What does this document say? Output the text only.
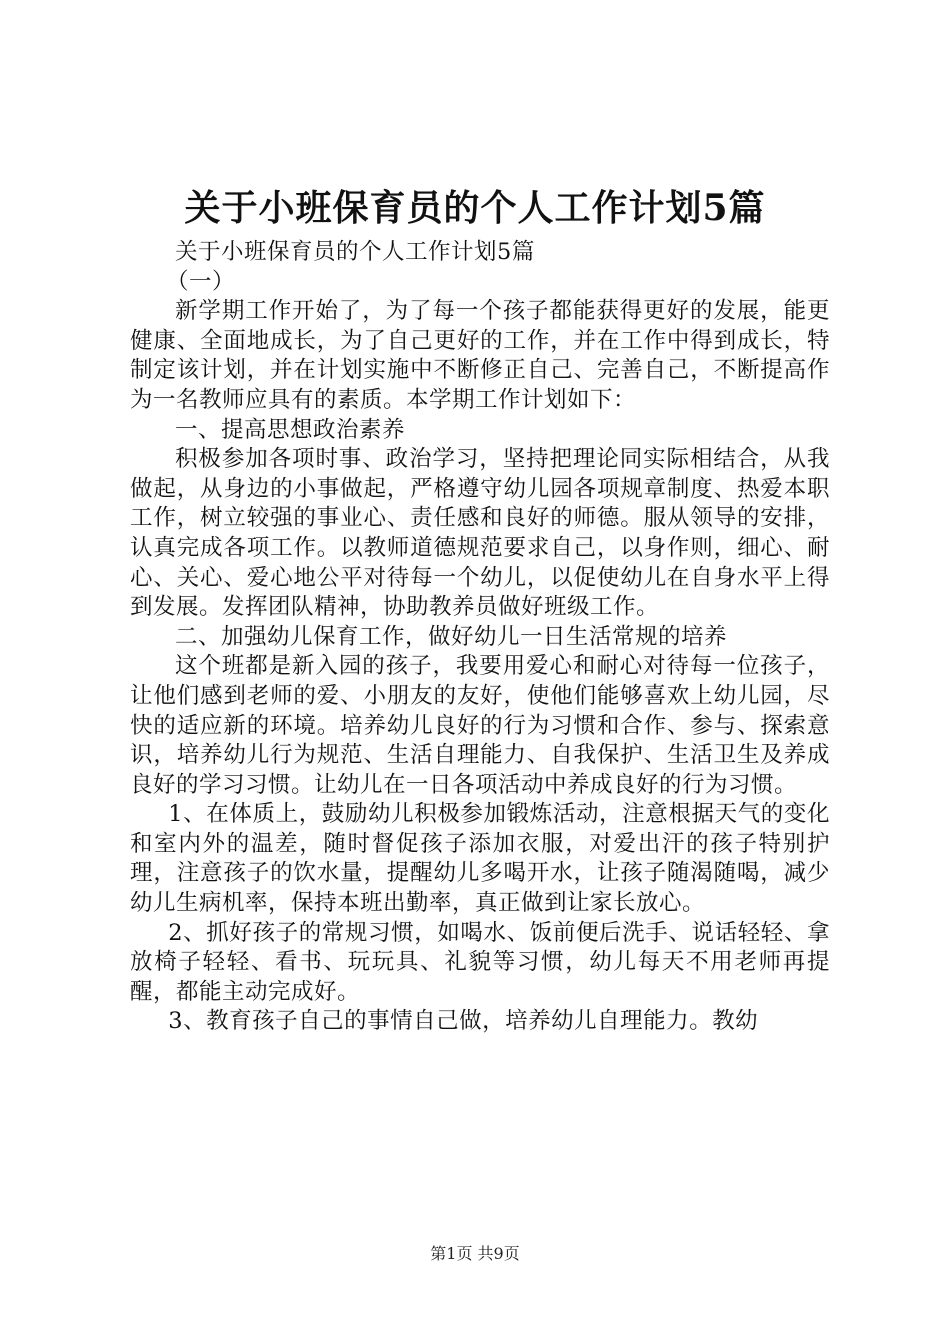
关于小班保育员的个人工作计划5篇

关于小班保育员的个人工作计划5篇

（一）

新学期工作开始了，为了每一个孩子都能获得更好的发展，能更健康、全面地成长，为了自己更好的工作，并在工作中得到成长，特制定该计划，并在计划实施中不断修正自己、完善自己，不断提高作为一名教师应具有的素质。本学期工作计划如下：

一、提高思想政治素养

积极参加各项时事、政治学习，坚持把理论同实际相结合，从我做起，从身边的小事做起，严格遵守幼儿园各项规章制度、热爱本职工作，树立较强的事业心、责任感和良好的师德。服从领导的安排，认真完成各项工作。以教师道德规范要求自己，以身作则，细心、耐心、关心、爱心地公平对待每一个幼儿，以促使幼儿在自身水平上得到发展。发挥团队精神，协助教养员做好班级工作。

二、加强幼儿保育工作，做好幼儿一日生活常规的培养

这个班都是新入园的孩子，我要用爱心和耐心对待每一位孩子，让他们感到老师的爱、小朋友的友好，使他们能够喜欢上幼儿园，尽快的适应新的环境。培养幼儿良好的行为习惯和合作、参与、探索意识，培养幼儿行为规范、生活自理能力、自我保护、生活卫生及养成良好的学习习惯。让幼儿在一日各项活动中养成良好的行为习惯。

1、在体质上，鼓励幼儿积极参加锻炼活动，注意根据天气的变化和室内外的温差，随时督促孩子添加衣服，对爱出汗的孩子特别护理，注意孩子的饮水量，提醒幼儿多喝开水，让孩子随渴随喝，减少幼儿生病机率，保持本班出勤率，真正做到让家长放心。

2、抓好孩子的常规习惯，如喝水、饭前便后洗手、说话轻轻、拿放椅子轻轻、看书、玩玩具、礼貌等习惯，幼儿每天不用老师再提醒，都能主动完成好。

3、教育孩子自己的事情自己做，培养幼儿自理能力。教幼

第1页 共9页
